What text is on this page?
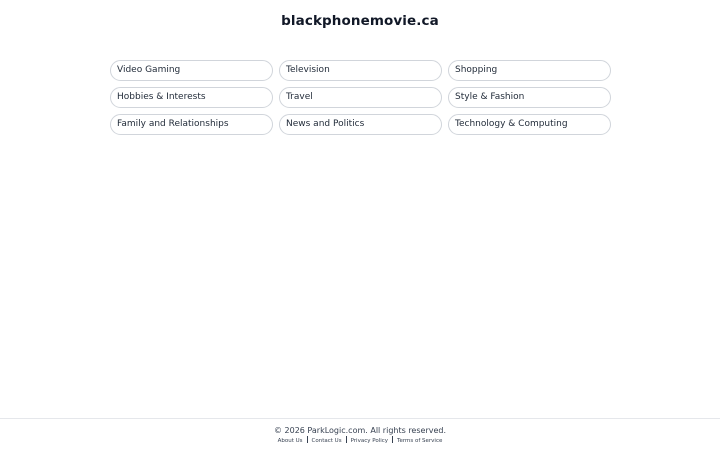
blackphonemovie.ca
Video Gaming	Television	Shopping
Hobbies & Interests	Travel	Style & Fashion
Family and Relationships	News and Politics	Technology & Computing
© 2026 ParkLogic.com. All rights reserved.
About Us Contact Us Privacy Policy Terms of Service
